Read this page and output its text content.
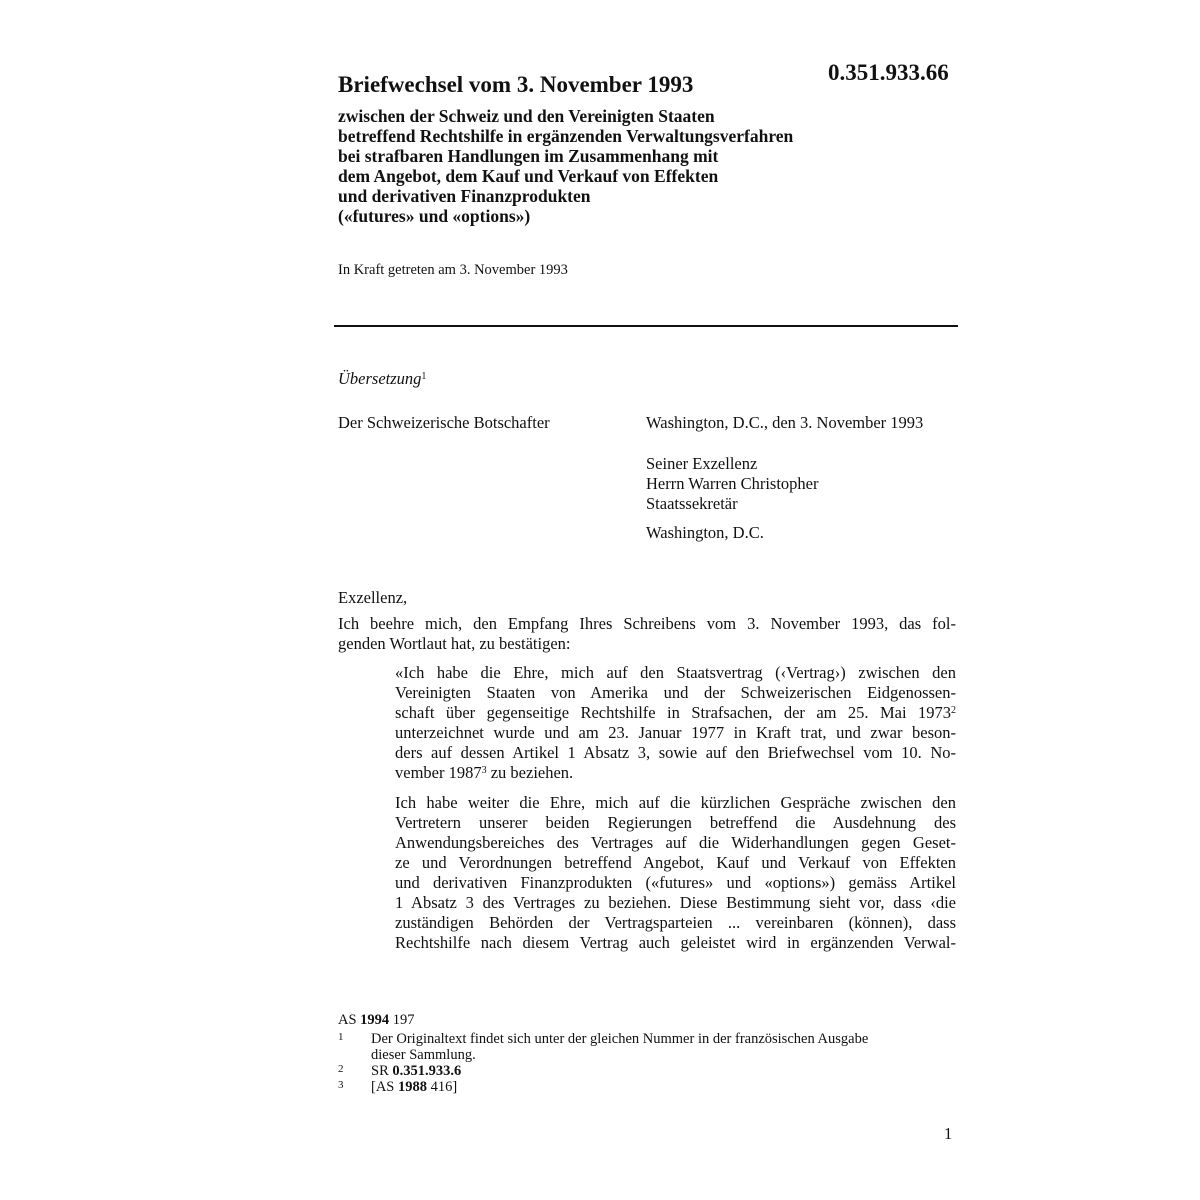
0.351.933.66
Briefwechsel vom 3. November 1993
zwischen der Schweiz und den Vereinigten Staaten
betreffend Rechtshilfe in ergänzenden Verwaltungsverfahren
bei strafbaren Handlungen im Zusammenhang mit
dem Angebot, dem Kauf und Verkauf von Effekten
und derivativen Finanzprodukten
(«futures» und «options»)
In Kraft getreten am 3. November 1993
Übersetzung$^1$
Der Schweizerische Botschafter	Washington, D.C., den 3. November 1993
Seiner Exzellenz
Herrn Warren Christopher
Staatssekretär
Washington, D.C.
Exzellenz,
Ich beehre mich, den Empfang Ihres Schreibens vom 3. November 1993, das fol-
genden Wortlaut hat, zu bestätigen:
«Ich habe die Ehre, mich auf den Staatsvertrag (‹Vertrag›) zwischen den
Vereinigten Staaten von Amerika und der Schweizerischen Eidgenossen-
schaft über gegenseitige Rechtshilfe in Strafsachen, der am 25. Mai 1973$^2$
unterzeichnet wurde und am 23. Januar 1977 in Kraft trat, und zwar beson-
ders auf dessen Artikel 1 Absatz 3, sowie auf den Briefwechsel vom 10. No-
vember 1987$^3$ zu beziehen.
Ich habe weiter die Ehre, mich auf die kürzlichen Gespräche zwischen den
Vertretern unserer beiden Regierungen betreffend die Ausdehnung des
Anwendungsbereiches des Vertrages auf die Widerhandlungen gegen Geset-
ze und Verordnungen betreffend Angebot, Kauf und Verkauf von Effekten
und derivativen Finanzprodukten («futures» und «options») gemäss Artikel
1 Absatz 3 des Vertrages zu beziehen. Diese Bestimmung sieht vor, dass ‹die
zuständigen Behörden der Vertragsparteien ... vereinbaren (können), dass
Rechtshilfe nach diesem Vertrag auch geleistet wird in ergänzenden Verwal-
AS 1994 197
1 Der Originaltext findet sich unter der gleichen Nummer in der französischen Ausgabe
dieser Sammlung.
2 SR 0.351.933.6
3 [AS 1988 416]
1
